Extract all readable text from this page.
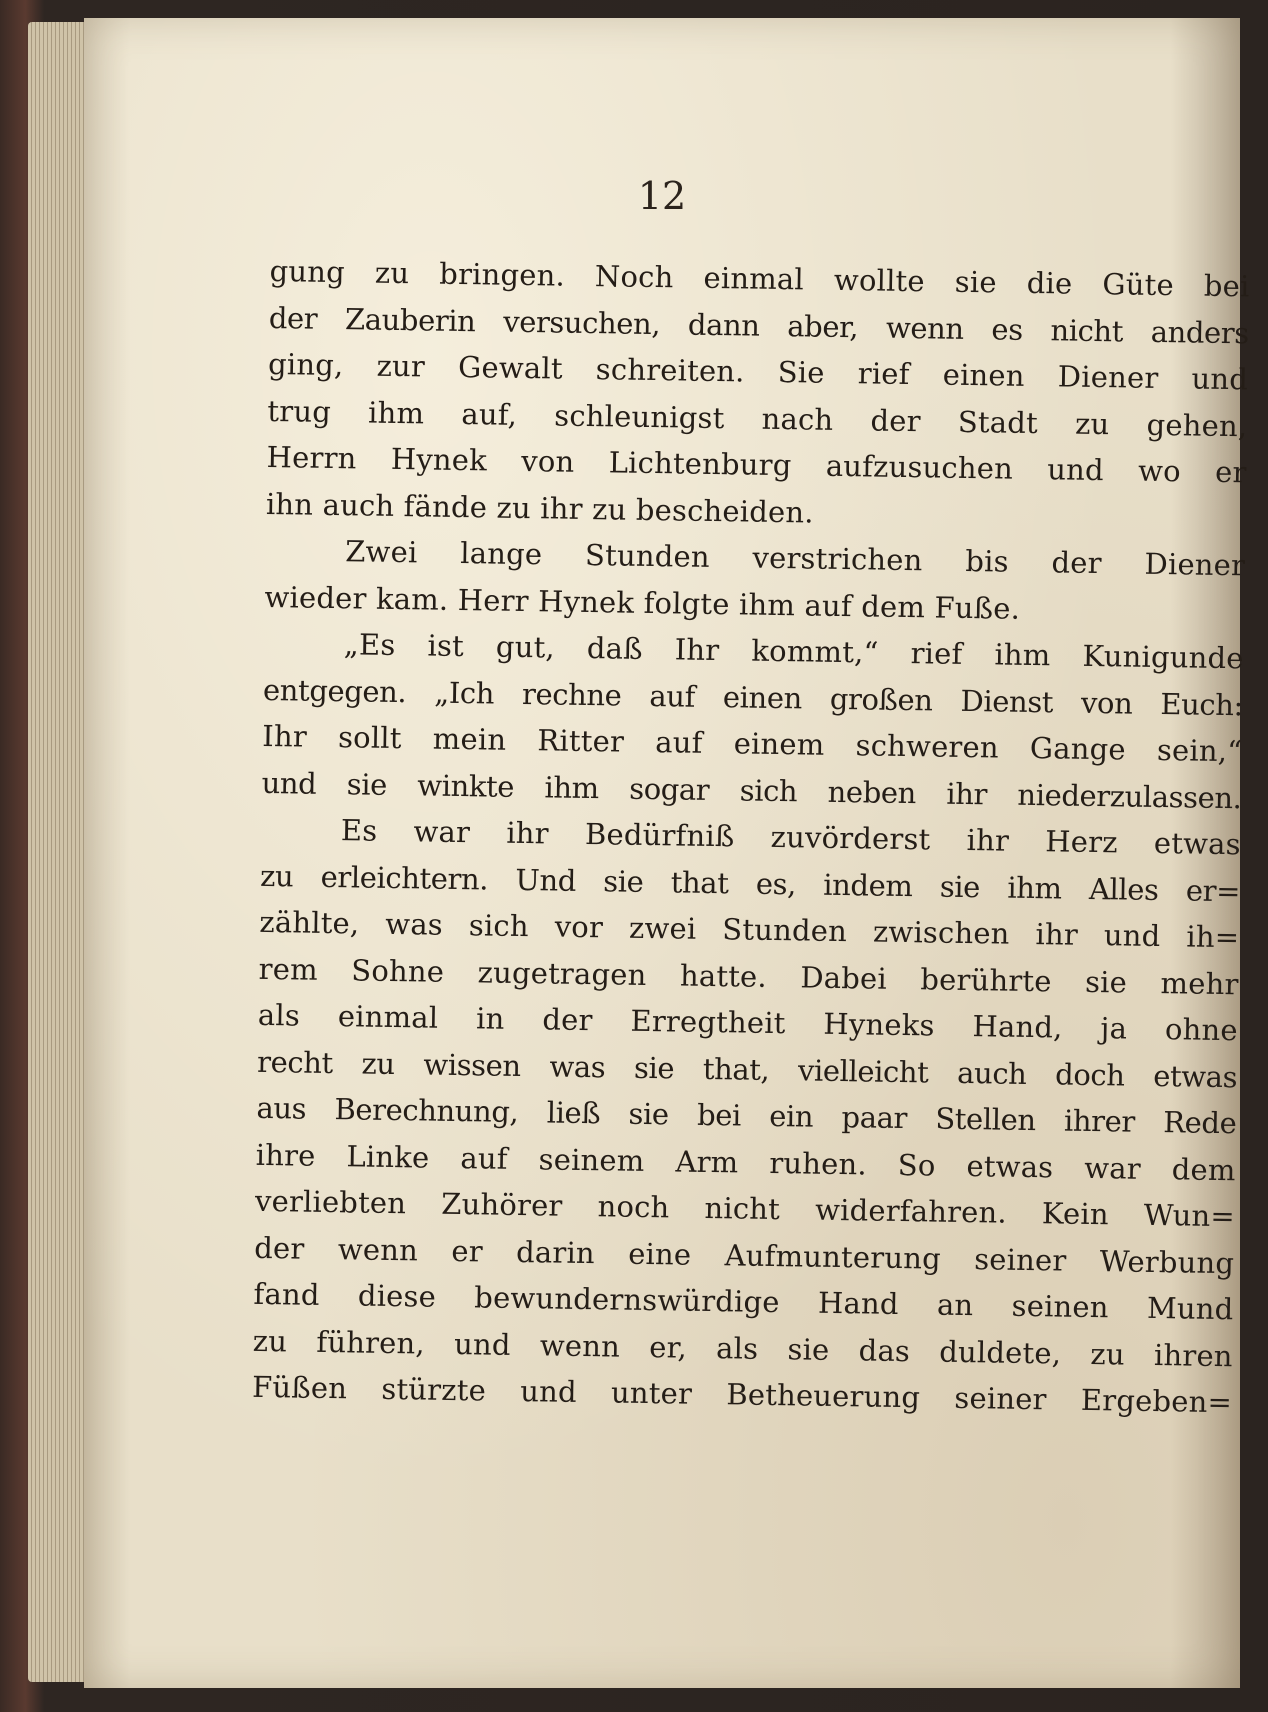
12
gung zu bringen. Noch einmal wollte sie die Güte bei
der Zauberin versuchen, dann aber, wenn es nicht anders
ging, zur Gewalt schreiten. Sie rief einen Diener und
trug ihm auf, schleunigst nach der Stadt zu gehen,
Herrn Hynek von Lichtenburg aufzusuchen und wo er
ihn auch fände zu ihr zu bescheiden.
Zwei lange Stunden verstrichen bis der Diener
wieder kam. Herr Hynek folgte ihm auf dem Fuße.
„Es ist gut, daß Ihr kommt,“ rief ihm Kunigunde
entgegen. „Ich rechne auf einen großen Dienst von Euch:
Ihr sollt mein Ritter auf einem schweren Gange sein,“
und sie winkte ihm sogar sich neben ihr niederzulassen.
Es war ihr Bedürfniß zuvörderst ihr Herz etwas
zu erleichtern. Und sie that es, indem sie ihm Alles er=
zählte, was sich vor zwei Stunden zwischen ihr und ih=
rem Sohne zugetragen hatte. Dabei berührte sie mehr
als einmal in der Erregtheit Hyneks Hand, ja ohne
recht zu wissen was sie that, vielleicht auch doch etwas
aus Berechnung, ließ sie bei ein paar Stellen ihrer Rede
ihre Linke auf seinem Arm ruhen. So etwas war dem
verliebten Zuhörer noch nicht widerfahren. Kein Wun=
der wenn er darin eine Aufmunterung seiner Werbung
fand diese bewundernswürdige Hand an seinen Mund
zu führen, und wenn er, als sie das duldete, zu ihren
Füßen stürzte und unter Betheuerung seiner Ergeben=
